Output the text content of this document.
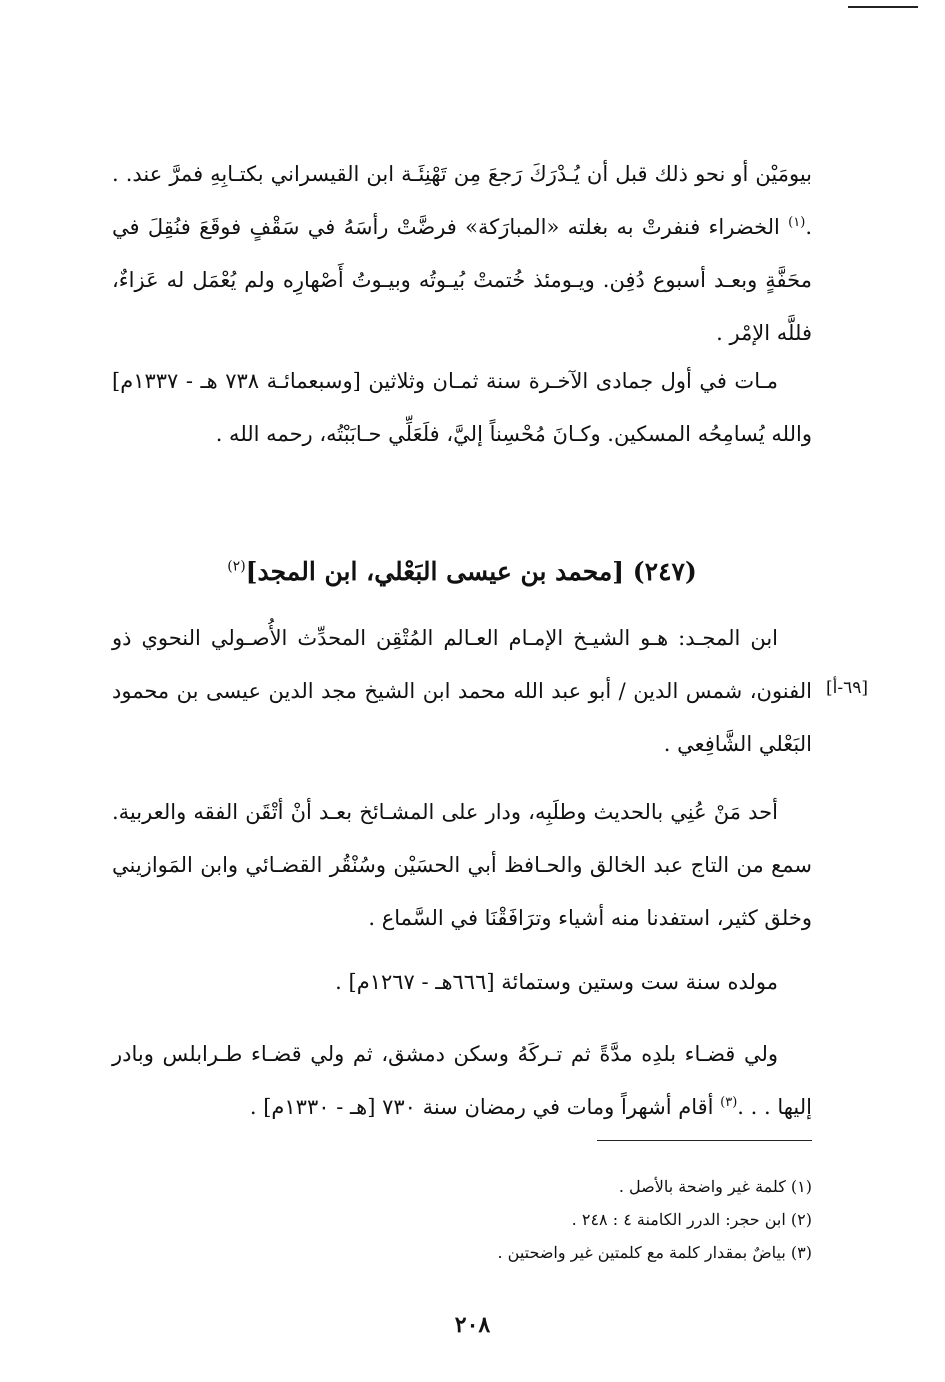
بيومَيْن أو نحو ذلك قبل أن يُـدْرَكَ رَجعَ مِن تَهْنِئَـة ابن القيسراني بكتـابِهِ فمرَّ عند. . .$^{(١)}$ الخضراء فنفرتْ به بغلته «المبارَكة» فرضَّتْ رأسَهُ في سَقْفٍ فوقَعَ فنُقِلَ في محَفَّةٍ وبعـد أسبوع دُفِن. ويـومئذ خُتمتْ بُيـوتُه وبيـوتُ أَصْهارِه ولم يُعْمَل له عَزاءٌ، فللَّه الإمْر .

مـات في أول جمادى الآخـرة سنة ثمـان وثلاثين [وسبعمائـة ٧٣٨ هـ - ١٣٣٧م] والله يُسامِحُه المسكين. وكـانَ مُحْسِناً إليَّ، فلَعَلِّي حـابَبْتُه، رحمه الله .

(٢٤٧) [محمد بن عيسى البَعْلي، ابن المجد]$^{(٢)}$
[٦٩-أ]

ابن المجـد: هـو الشيـخ الإمـام العـالم المُتْقِن المحدِّث الأُصـولي النحوي ذو الفنون، شمس الدين / أبو عبد الله محمد ابن الشيخ مجد الدين عيسى بن محمود البَعْلي الشَّافِعي .

أحد مَنْ عُنِي بالحديث وطلَبِه، ودار على المشـائخ بعـد أنْ أتْقَن الفقه والعربية. سمع من التاج عبد الخالق والحـافظ أبي الحسَيْن وسُنْقُر القضـائي وابن المَوازيني وخلق كثير، استفدنا منه أشياء وترَافَقْنَا في السَّماع .

مولده سنة ست وستين وستمائة [٦٦٦هـ - ١٢٦٧م] .

ولي قضـاء بلدِه مدَّةً ثم تـركَهُ وسكن دمشق، ثم ولي قضـاء طـرابلس وبادر إليها . . .$^{(٣)}$ أقام أشهراً ومات في رمضان سنة ٧٣٠ [هـ - ١٣٣٠م] .

(١) كلمة غير واضحة بالأصل .
(٢) ابن حجر: الدرر الكامنة ٤ : ٢٤٨ .
(٣) بياضٌ بمقدار كلمة مع كلمتين غير واضحتين .
٢٠٨
